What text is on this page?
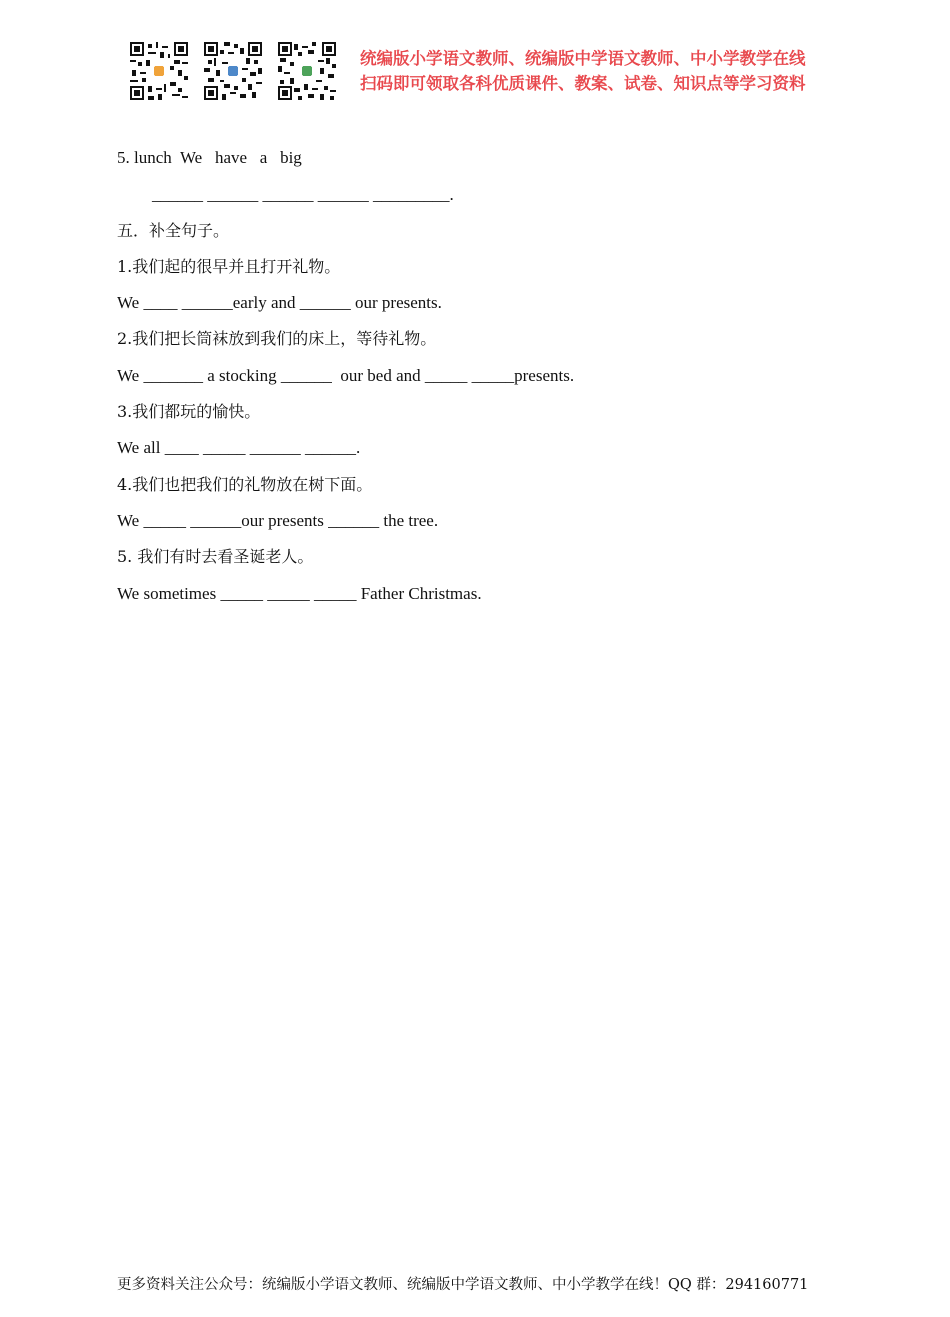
统编版小学语文教师、统编版中学语文教师、中小学教学在线
扫码即可领取各科优质课件、教案、试卷、知识点等学习资料
5. lunch  We   have   a   big
______ ______ ______ ______ _________.
五．补全句子。
1.我们起的很早并且打开礼物。
We ____ ______early and ______ our presents.
2.我们把长筒袜放到我们的床上，等待礼物。
We _______ a stocking ______  our bed and _____ _____presents.
3.我们都玩的愉快。
We all ____ _____ ______ ______.
4.我们也把我们的礼物放在树下面。
We _____ ______our presents ______ the tree.
5. 我们有时去看圣诞老人。
We sometimes _____ _____ _____ Father Christmas.
更多资料关注公众号：统编版小学语文教师、统编版中学语文教师、中小学教学在线！QQ 群：294160771
